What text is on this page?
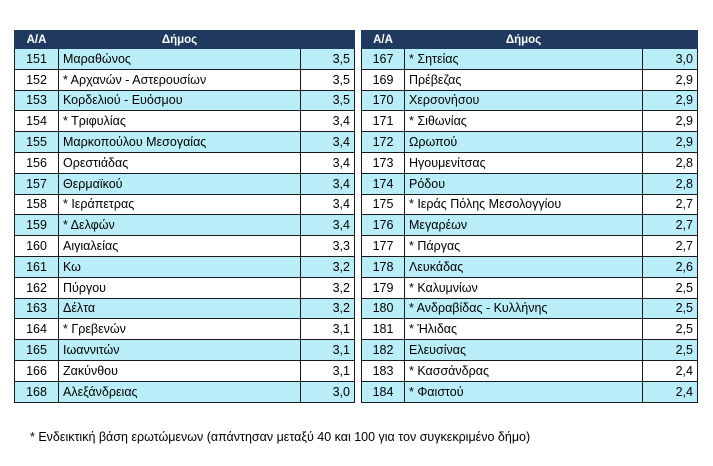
Α/Α	Δήμος	
151	Μαραθώνος	3,5
152	* Αρχανών - Αστερουσίων	3,5
153	Κορδελιού - Ευόσμου	3,5
154	* Τριφυλίας	3,4
155	Μαρκοπούλου Μεσογαίας	3,4
156	Ορεστιάδας	3,4
157	Θερμαϊκού	3,4
158	* Ιεράπετρας	3,4
159	* Δελφών	3,4
160	Αιγιαλείας	3,3
161	Κω	3,2
162	Πύργου	3,2
163	Δέλτα	3,2
164	* Γρεβενών	3,1
165	Ιωαννιτών	3,1
166	Ζακύνθου	3,1
168	Αλεξάνδρειας	3,0
Α/Α	Δήμος	
167	* Σητείας	3,0
169	Πρέβεζας	2,9
170	Χερσονήσου	2,9
171	* Σιθωνίας	2,9
172	Ωρωπού	2,9
173	Ηγουμενίτσας	2,8
174	Ρόδου	2,8
175	* Ιεράς Πόλης Μεσολογγίου	2,7
176	Μεγαρέων	2,7
177	* Πάργας	2,7
178	Λευκάδας	2,6
179	* Καλυμνίων	2,5
180	* Ανδραβίδας - Κυλλήνης	2,5
181	* Ήλιδας	2,5
182	Ελευσίνας	2,5
183	* Κασσάνδρας	2,4
184	* Φαιστού	2,4
* Ενδεικτική βάση ερωτώμενων (απάντησαν μεταξύ 40 και 100 για τον συγκεκριμένο δήμο)
